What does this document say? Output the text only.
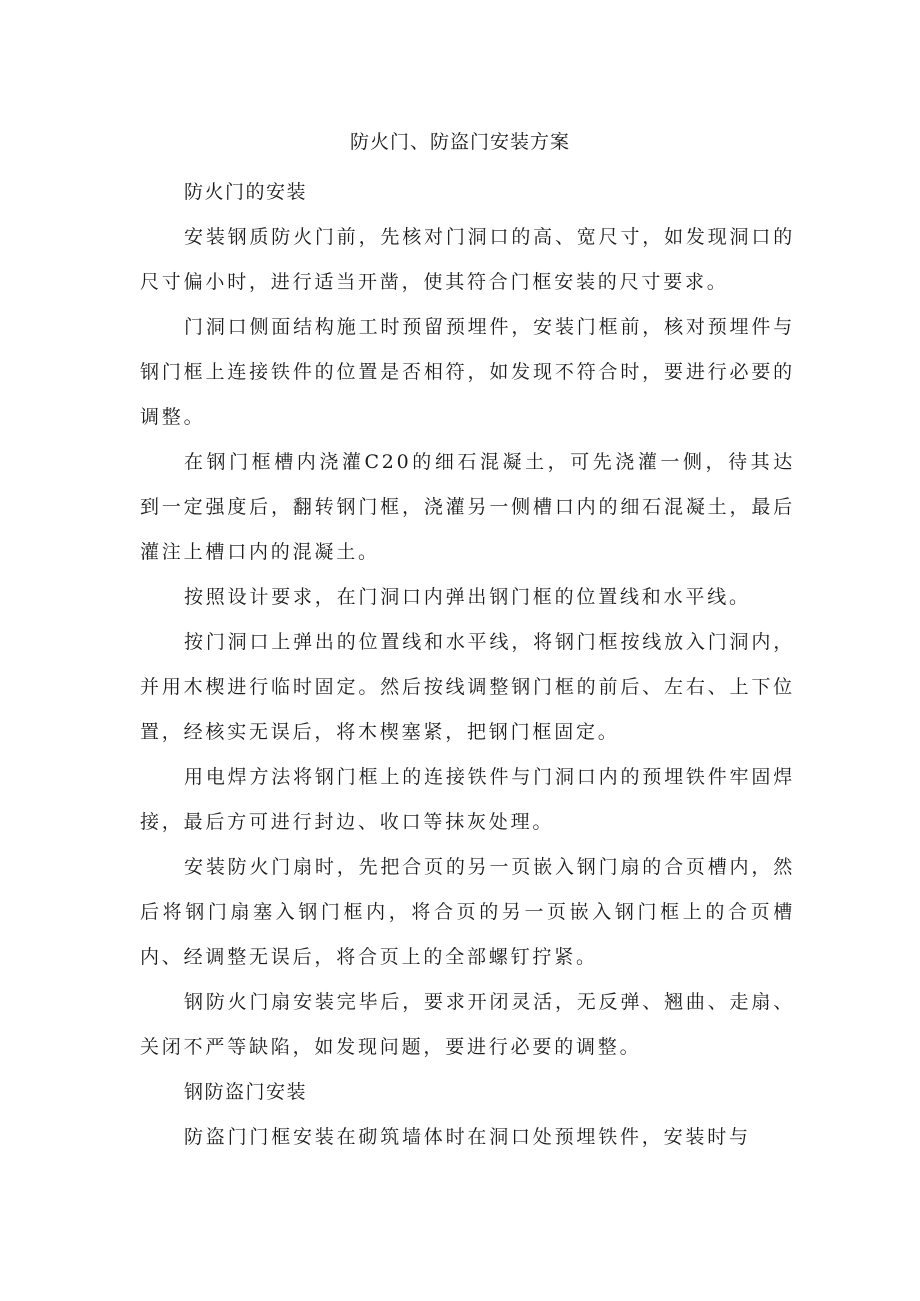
防火门、防盗门安装方案

防火门的安装

安装钢质防火门前，先核对门洞口的高、宽尺寸，如发现洞口的尺寸偏小时，进行适当开凿，使其符合门框安装的尺寸要求。

门洞口侧面结构施工时预留预埋件，安装门框前，核对预埋件与钢门框上连接铁件的位置是否相符，如发现不符合时，要进行必要的调整。

在钢门框槽内浇灌C20的细石混凝土，可先浇灌一侧，待其达到一定强度后，翻转钢门框，浇灌另一侧槽口内的细石混凝土，最后灌注上槽口内的混凝土。

按照设计要求，在门洞口内弹出钢门框的位置线和水平线。

按门洞口上弹出的位置线和水平线，将钢门框按线放入门洞内，并用木楔进行临时固定。然后按线调整钢门框的前后、左右、上下位置，经核实无误后，将木楔塞紧，把钢门框固定。

用电焊方法将钢门框上的连接铁件与门洞口内的预埋铁件牢固焊接，最后方可进行封边、收口等抹灰处理。

安装防火门扇时，先把合页的另一页嵌入钢门扇的合页槽内，然后将钢门扇塞入钢门框内，将合页的另一页嵌入钢门框上的合页槽内、经调整无误后，将合页上的全部螺钉拧紧。

钢防火门扇安装完毕后，要求开闭灵活，无反弹、翘曲、走扇、关闭不严等缺陷，如发现问题，要进行必要的调整。

钢防盗门安装

防盗门门框安装在砌筑墙体时在洞口处预埋铁件，安装时与
